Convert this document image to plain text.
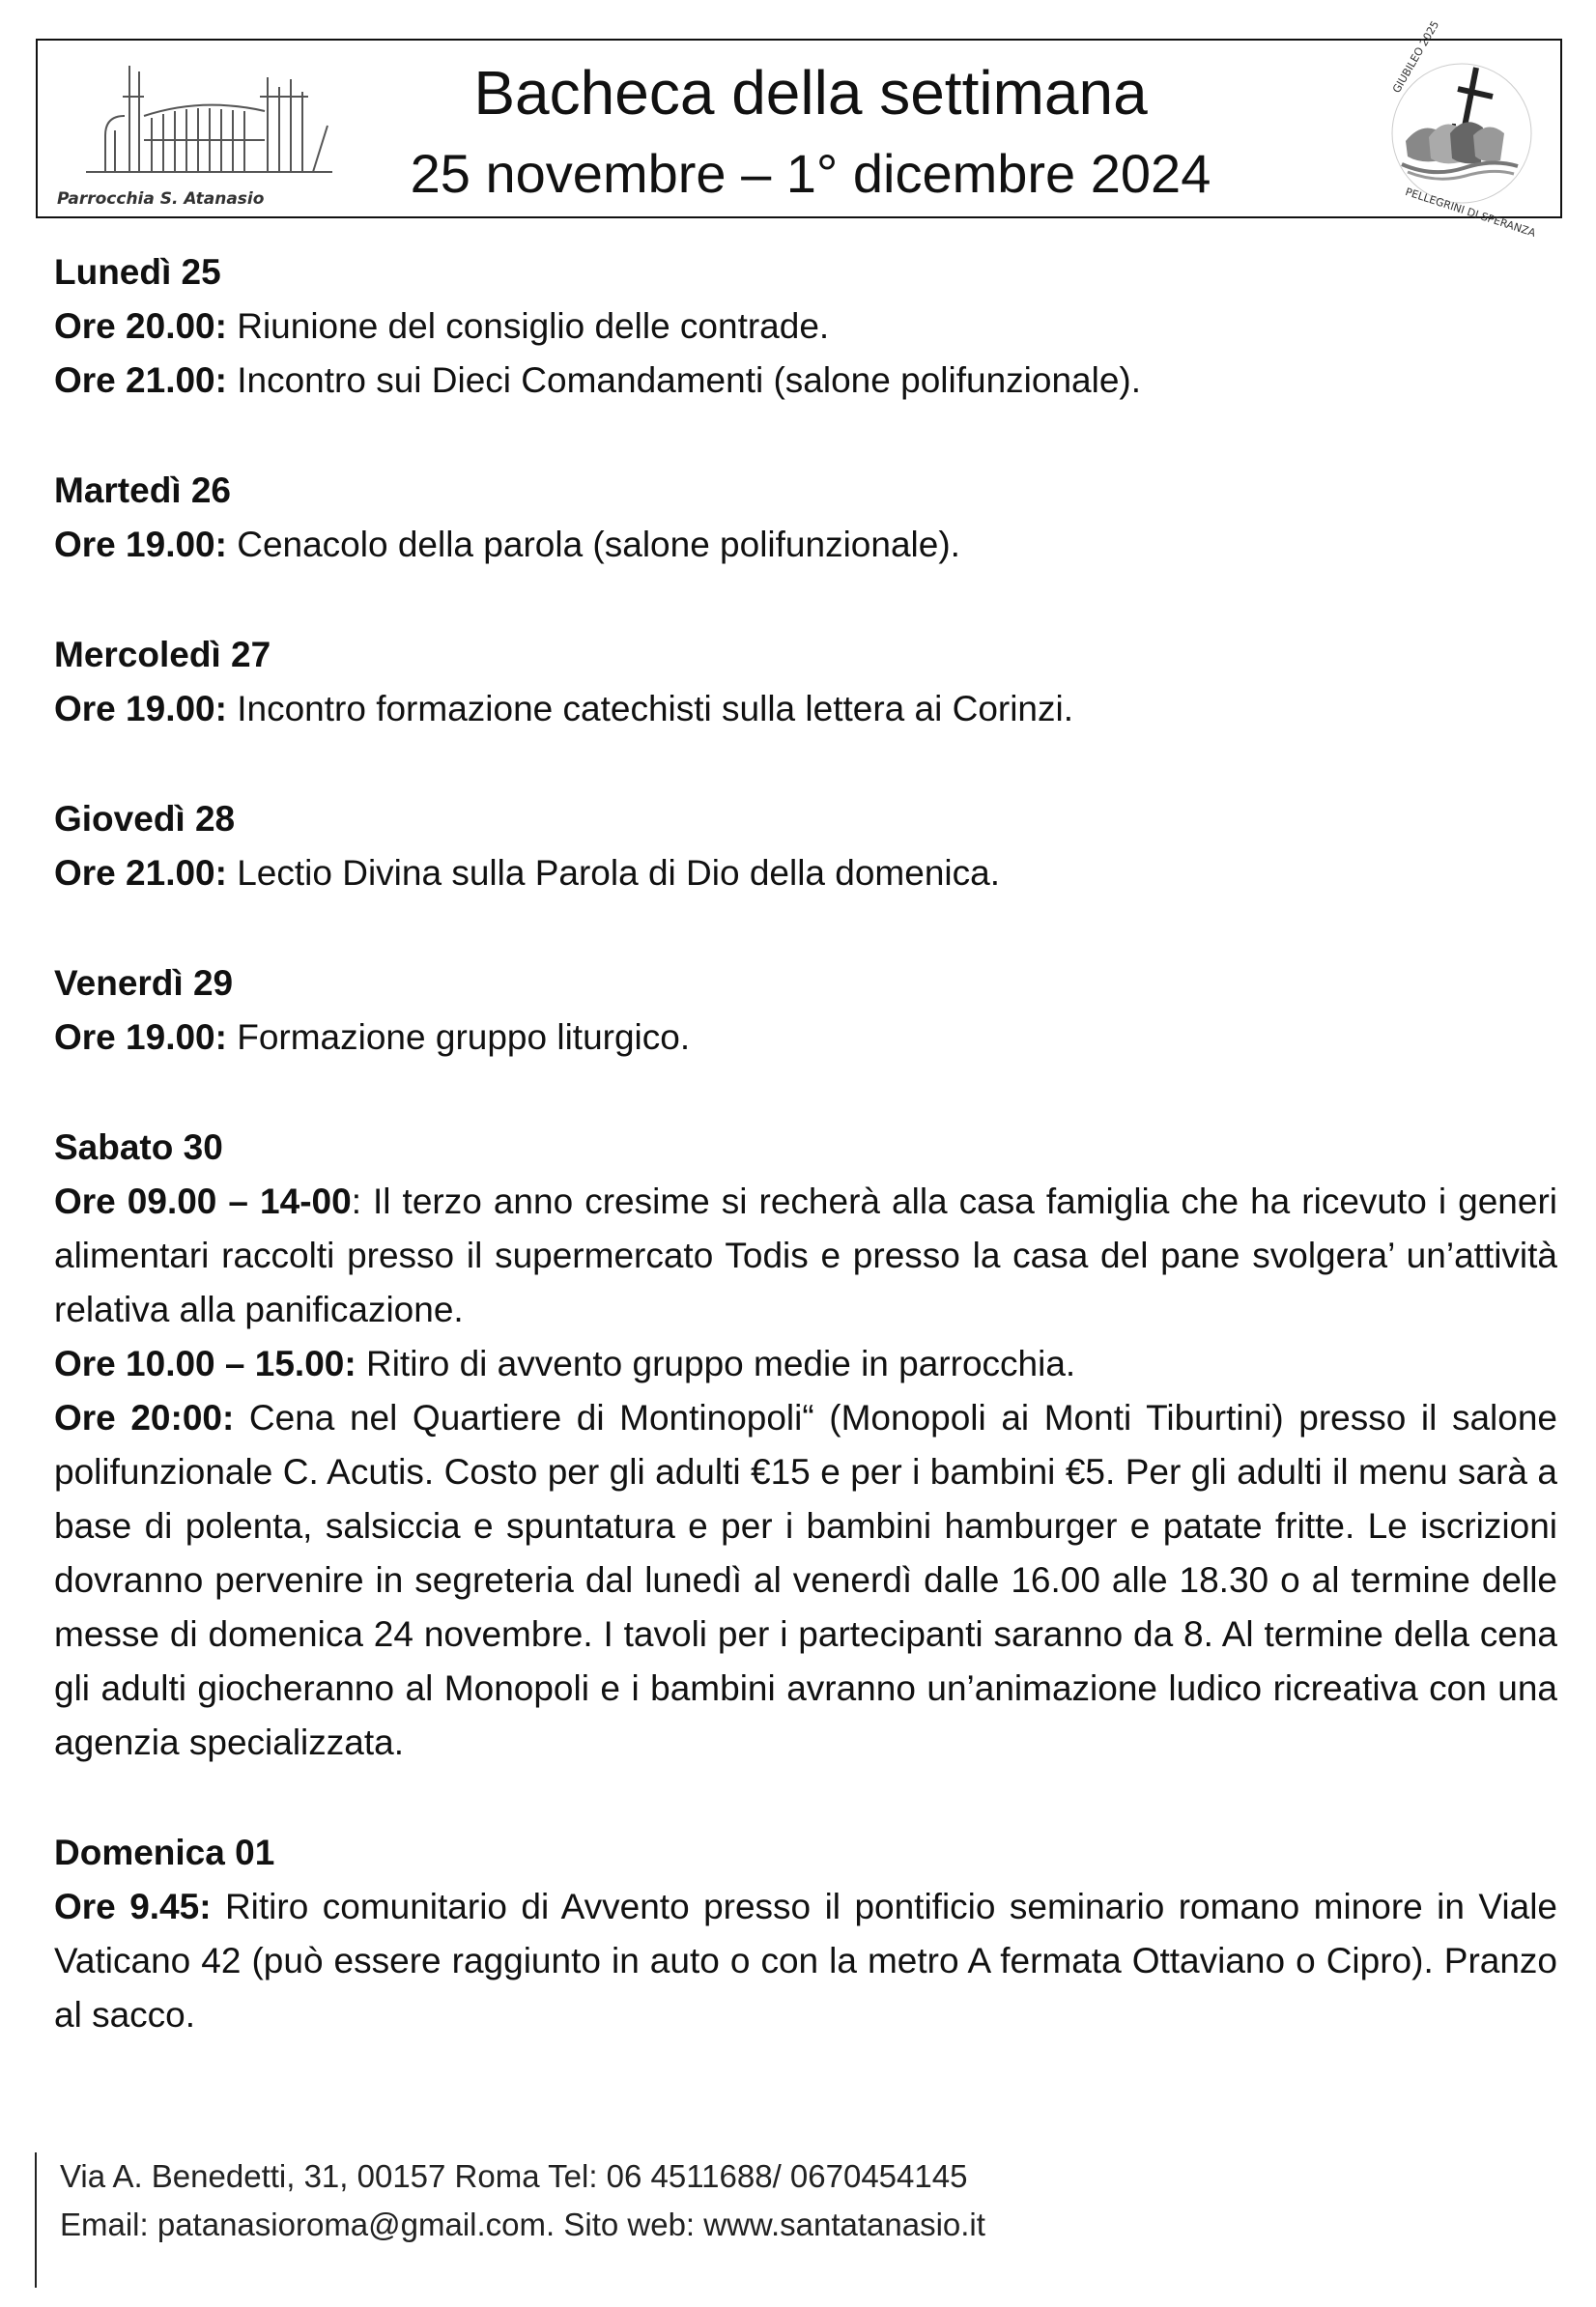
Parrocchia S. Atanasio
Bacheca della settimana
25 novembre – 1° dicembre 2024
GIUBILEO 2025
PELLEGRINI DI SPERANZA
Lunedì 25
Ore 20.00: Riunione del consiglio delle contrade.
Ore 21.00: Incontro sui Dieci Comandamenti (salone polifunzionale).
Martedì 26
Ore 19.00: Cenacolo della parola (salone polifunzionale).
Mercoledì 27
Ore 19.00: Incontro formazione catechisti sulla lettera ai Corinzi.
Giovedì 28
Ore 21.00: Lectio Divina sulla Parola di Dio della domenica.
Venerdì 29
Ore 19.00: Formazione gruppo liturgico.
Sabato 30
Ore 09.00 – 14-00: Il terzo anno cresime si recherà alla casa famiglia che ha ricevuto i generi alimentari raccolti presso il supermercato Todis e presso la casa del pane svolgera’ un’attività relativa alla panificazione.
Ore 10.00 – 15.00: Ritiro di avvento gruppo medie in parrocchia.
Ore 20:00: Cena nel Quartiere di Montinopoli“ (Monopoli ai Monti Tiburtini) presso il salone polifunzionale C. Acutis. Costo per gli adulti €15 e per i bambini €5. Per gli adulti il menu sarà a base di polenta, salsiccia e spuntatura e per i bambini hamburger e patate fritte. Le iscrizioni dovranno pervenire in segreteria dal lunedì al venerdì dalle 16.00 alle 18.30 o al termine delle messe di domenica 24 novembre. I tavoli per i partecipanti saranno da 8. Al termine della cena gli adulti giocheranno al Monopoli e i bambini avranno un’animazione ludico ricreativa con una agenzia specializzata.
Domenica 01
Ore 9.45: Ritiro comunitario di Avvento presso il pontificio seminario romano minore in Viale Vaticano 42 (può essere raggiunto in auto o con la metro A fermata Ottaviano o Cipro). Pranzo al sacco.
Via A. Benedetti, 31, 00157 Roma Tel: 06 4511688/ 0670454145
Email: patanasioroma@gmail.com. Sito web: www.santatanasio.it
